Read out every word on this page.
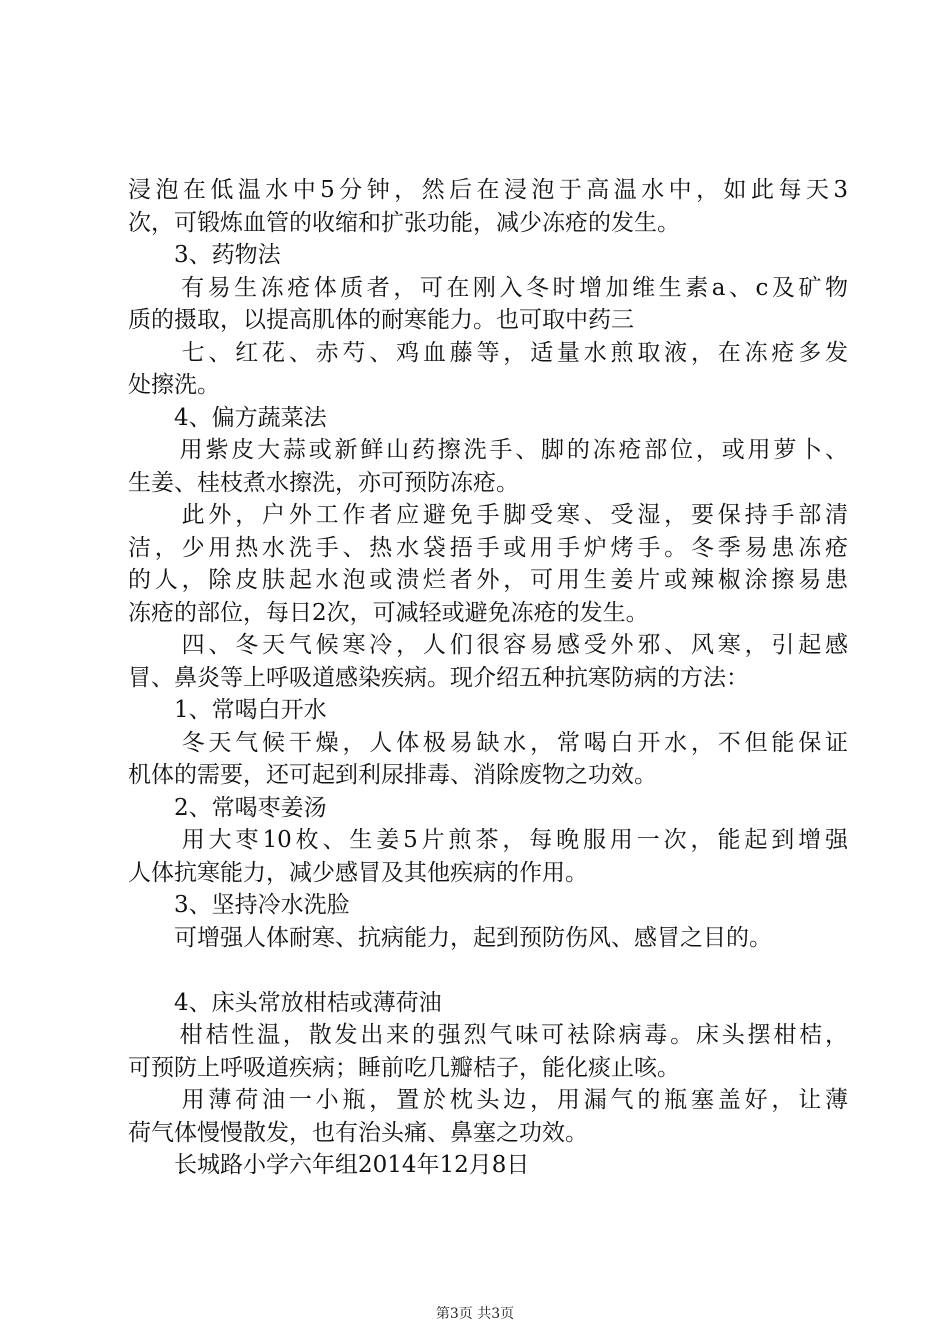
浸泡在低温水中5分钟，然后在浸泡于高温水中，如此每天3
次，可锻炼血管的收缩和扩张功能，减少冻疮的发生。
　　3、药物法
　　有易生冻疮体质者，可在刚入冬时增加维生素a、c及矿物
质的摄取，以提高肌体的耐寒能力。也可取中药三
　　七、红花、赤芍、鸡血藤等，适量水煎取液，在冻疮多发
处擦洗。
　　4、偏方蔬菜法
　　用紫皮大蒜或新鲜山药擦洗手、脚的冻疮部位，或用萝卜、
生姜、桂枝煮水擦洗，亦可预防冻疮。
　　此外，户外工作者应避免手脚受寒、受湿，要保持手部清
洁，少用热水洗手、热水袋捂手或用手炉烤手。冬季易患冻疮
的人，除皮肤起水泡或溃烂者外，可用生姜片或辣椒涂擦易患
冻疮的部位，每日2次，可减轻或避免冻疮的发生。
　　四、冬天气候寒冷，人们很容易感受外邪、风寒，引起感
冒、鼻炎等上呼吸道感染疾病。现介绍五种抗寒防病的方法：
　　1、常喝白开水
　　冬天气候干燥，人体极易缺水，常喝白开水，不但能保证
机体的需要，还可起到利尿排毒、消除废物之功效。
　　2、常喝枣姜汤
　　用大枣10枚、生姜5片煎茶，每晚服用一次，能起到增强
人体抗寒能力，减少感冒及其他疾病的作用。
　　3、坚持冷水洗脸
　　可增强人体耐寒、抗病能力，起到预防伤风、感冒之目的。
　　4、床头常放柑桔或薄荷油
　　柑桔性温，散发出来的强烈气味可袪除病毒。床头摆柑桔，
可预防上呼吸道疾病；睡前吃几瓣桔子，能化痰止咳。
　　用薄荷油一小瓶，置於枕头边，用漏气的瓶塞盖好，让薄
荷气体慢慢散发，也有治头痛、鼻塞之功效。
　　长城路小学六年组2014年12月8日
第3页 共3页
